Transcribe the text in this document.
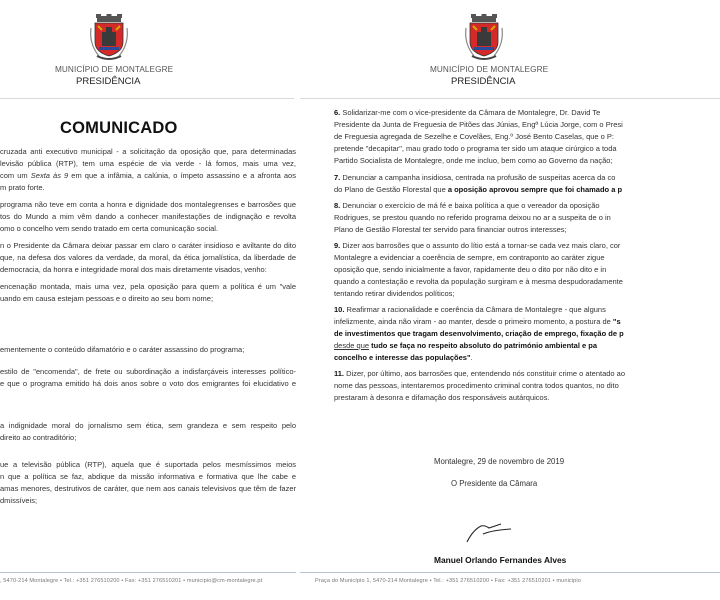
MUNICÍPIO DE MONTALEGRE
PRESIDÊNCIA
COMUNICADO
cruzada anti executivo municipal - a solicitação da oposição que, para determinadas
levisão pública (RTP), tem uma espécie de via verde - lá fomos, mais uma vez,
com um Sexta às 9 em que a infâmia, a calúnia, o ímpeto assassino e a afronta aos
m prato forte.
programa não teve em conta a honra e dignidade dos montalegrenses e barrosões que
tos do Mundo a mim vêm dando a conhecer manifestações de indignação e revolta
omo o concelho vem sendo tratado em certa comunicação social.
n o Presidente da Câmara deixar passar em claro o caráter insidioso e aviltante do dito
que, na defesa dos valores da verdade, da moral, da ética jornalística, da liberdade de
democracia, da honra e integridade moral dos mais diretamente visados, venho:
encenação montada, mais uma vez, pela oposição para quem a política é um "vale
uando em causa estejam pessoas e o direito ao seu bom nome;
ementemente o conteúdo difamatório e o caráter assassino do programa;
estilo de "encomenda", de frete ou subordinação a indisfarçáveis interesses político-
e que o programa emitido há dois anos sobre o voto dos emigrantes foi elucidativo e
a indignidade moral do jornalismo sem ética, sem grandeza e sem respeito pelo
direito ao contraditório;
ue a televisão pública (RTP), aquela que é suportada pelos mesmíssimos meios
n que a política se faz, abdique da missão informativa e formativa que lhe cabe e
amas menores, destrutivos de caráter, que nem aos canais televisivos que têm de fazer
dmissíveis;
, 5470-214 Montalegre • Tel.: +351 276510200 • Fax: +351 276510201 • municipio@cm-montalegre.pt
MUNICÍPIO DE MONTALEGRE
PRESIDÊNCIA
6. Solidarizar-me com o vice-presidente da Câmara de Montalegre, Dr. David Te
Presidente da Junta de Freguesia de Pitões das Júnias, Engª Lúcia Jorge, com o Presi
de Freguesia agregada de Sezelhe e Covelães, Eng.º José Bento Caselas, que o P:
pretende "decapitar", mau grado todo o programa ter sido um ataque cirúrgico a toda
Partido Socialista de Montalegre, onde me incluo, bem como ao Governo da nação;
7. Denunciar a campanha insidiosa, centrada na profusão de suspeitas acerca da co
do Plano de Gestão Florestal que a oposição aprovou sempre que foi chamado a p
8. Denunciar o exercício de má fé e baixa política a que o vereador da oposição
Rodrigues, se prestou quando no referido programa deixou no ar a suspeita de o in
Plano de Gestão Florestal ter servido para financiar outros interesses;
9. Dizer aos barrosões que o assunto do lítio está a tornar-se cada vez mais claro, cor
Montalegre a evidenciar a coerência de sempre, em contraponto ao caráter zigue
oposição que, sendo inicialmente a favor, rapidamente deu o dito por não dito e in
quando a contestação e revolta da população surgiram e à mesma despudoradamente
tentando retirar dividendos políticos;
10. Reafirmar a racionalidade e coerência da Câmara de Montalegre - que alguns
infelizmente, ainda não viram - ao manter, desde o primeiro momento, a postura de "s
de investimentos que tragam desenvolvimento, criação de emprego, fixação de p
desde que tudo se faça no respeito absoluto do património ambiental e pa
concelho e interesse das populações".
11. Dizer, por último, aos barrosões que, entendendo nós constituir crime o atentado ao
nome das pessoas, intentaremos procedimento criminal contra todos quantos, no dito
prestaram à desonra e difamação dos responsáveis autárquicos.
Montalegre, 29 de novembro de 2019
O Presidente da Câmara
Manuel Orlando Fernandes Alves
Praça do Município 1, 5470-214 Montalegre • Tel.: +351 276510200 • Fax: +351 276510201 • municipio
